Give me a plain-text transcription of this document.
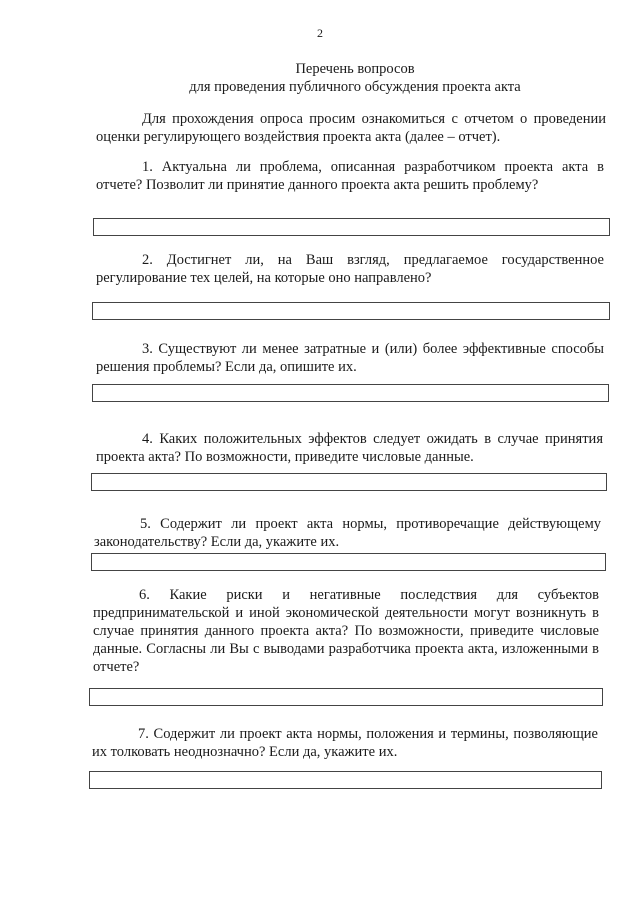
2
Перечень вопросов
для проведения публичного обсуждения проекта акта
Для прохождения опроса просим ознакомиться с отчетом о проведении оценки регулирующего воздействия проекта акта (далее – отчет).
1. Актуальна ли проблема, описанная разработчиком проекта акта в отчете? Позволит ли принятие данного проекта акта решить проблему?
2. Достигнет ли, на Ваш взгляд, предлагаемое государственное регулирование тех целей, на которые оно направлено?
3. Существуют ли менее затратные и (или) более эффективные способы решения проблемы? Если да, опишите их.
4. Каких положительных эффектов следует ожидать в случае принятия проекта акта? По возможности, приведите числовые данные.
5. Содержит ли проект акта нормы, противоречащие действующему законодательству? Если да, укажите их.
6. Какие риски и негативные последствия для субъектов предпринимательской и иной экономической деятельности могут возникнуть в случае принятия данного проекта акта? По возможности, приведите числовые данные. Согласны ли Вы с выводами разработчика проекта акта, изложенными в отчете?
7. Содержит ли проект акта нормы, положения и термины, позволяющие их толковать неоднозначно? Если да, укажите их.
